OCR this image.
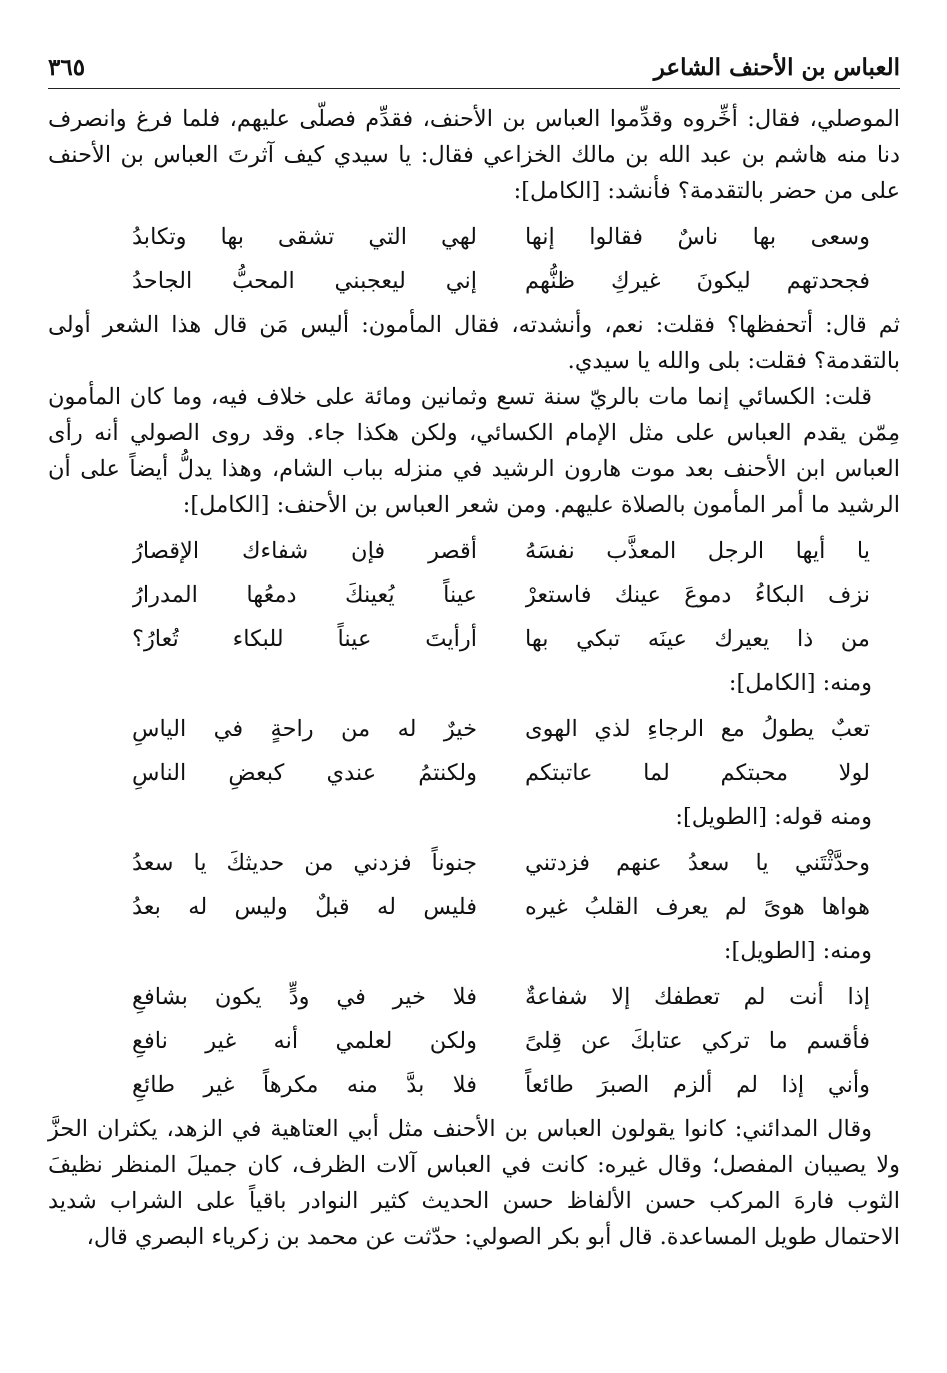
العباس بن الأحنف الشاعر
٣٦٥

الموصلي، فقال: أخِّروه وقدِّموا العباس بن الأحنف، فقدِّم فصلّى عليهم، فلما فرغ وانصرف دنا منه هاشم بن عبد الله بن مالك الخزاعي فقال: يا سيدي كيف آثرتَ العباس بن الأحنف على من حضر بالتقدمة؟ فأنشد: [الكامل]:

وسعى بها ناسٌ فقالوا إنها
لهي التي تشقى بها وتكابدُ
فجحدتهم ليكونَ غيركِ ظنُّهم
إني ليعجبني المحبُّ الجاحدُ

ثم قال: أتحفظها؟ فقلت: نعم، وأنشدته، فقال المأمون: أليس مَن قال هذا الشعر أولى بالتقدمة؟ فقلت: بلى والله يا سيدي.

قلت: الكسائي إنما مات بالريّ سنة تسع وثمانين ومائة على خلاف فيه، وما كان المأمون مِمّن يقدم العباس على مثل الإمام الكسائي، ولكن هكذا جاء. وقد روى الصولي أنه رأى العباس ابن الأحنف بعد موت هارون الرشيد في منزله بباب الشام، وهذا يدلُّ أيضاً على أن الرشيد ما أمر المأمون بالصلاة عليهم. ومن شعر العباس بن الأحنف: [الكامل]:

يا أيها الرجل المعذَّب نفسَهُ
أقصر فإن شفاءك الإقصارُ
نزف البكاءُ دموعَ عينك فاستعرْ
عيناً يُعينكَ دمعُها المدرارُ
من ذا يعيرك عينَه تبكي بها
أرأيتَ عيناً للبكاء تُعارُ؟

ومنه: [الكامل]:

تعبٌ يطولُ مع الرجاءِ لذي الهوى
خيرٌ له من راحةٍ في الياسِ
لولا محبتكم لما عاتبتكم
ولكنتمُ عندي كبعضِ الناسِ

ومنه قوله: [الطويل]:

وحدَّثْتَني يا سعدُ عنهم فزدتني
جنوناً فزدني من حديثكَ يا سعدُ
هواها هوىً لم يعرف القلبُ غيره
فليس له قبلٌ وليس له بعدُ

ومنه: [الطويل]:

إذا أنت لم تعطفك إلا شفاعةٌ
فلا خير في ودٍّ يكون بشافعِ
فأقسم ما تركي عتابكَ عن قِلىً
ولكن لعلمي أنه غير نافعِ
وأني إذا لم ألزم الصبرَ طائعاً
فلا بدَّ منه مكرهاً غير طائعِ

وقال المدائني: كانوا يقولون العباس بن الأحنف مثل أبي العتاهية في الزهد، يكثران الحزَّ ولا يصيبان المفصل؛ وقال غيره: كانت في العباس آلات الظرف، كان جميلَ المنظر نظيفَ الثوب فارهَ المركب حسن الألفاظ حسن الحديث كثير النوادر باقياً على الشراب شديد الاحتمال طويل المساعدة. قال أبو بكر الصولي: حدّثت عن محمد بن زكرياء البصري قال،
